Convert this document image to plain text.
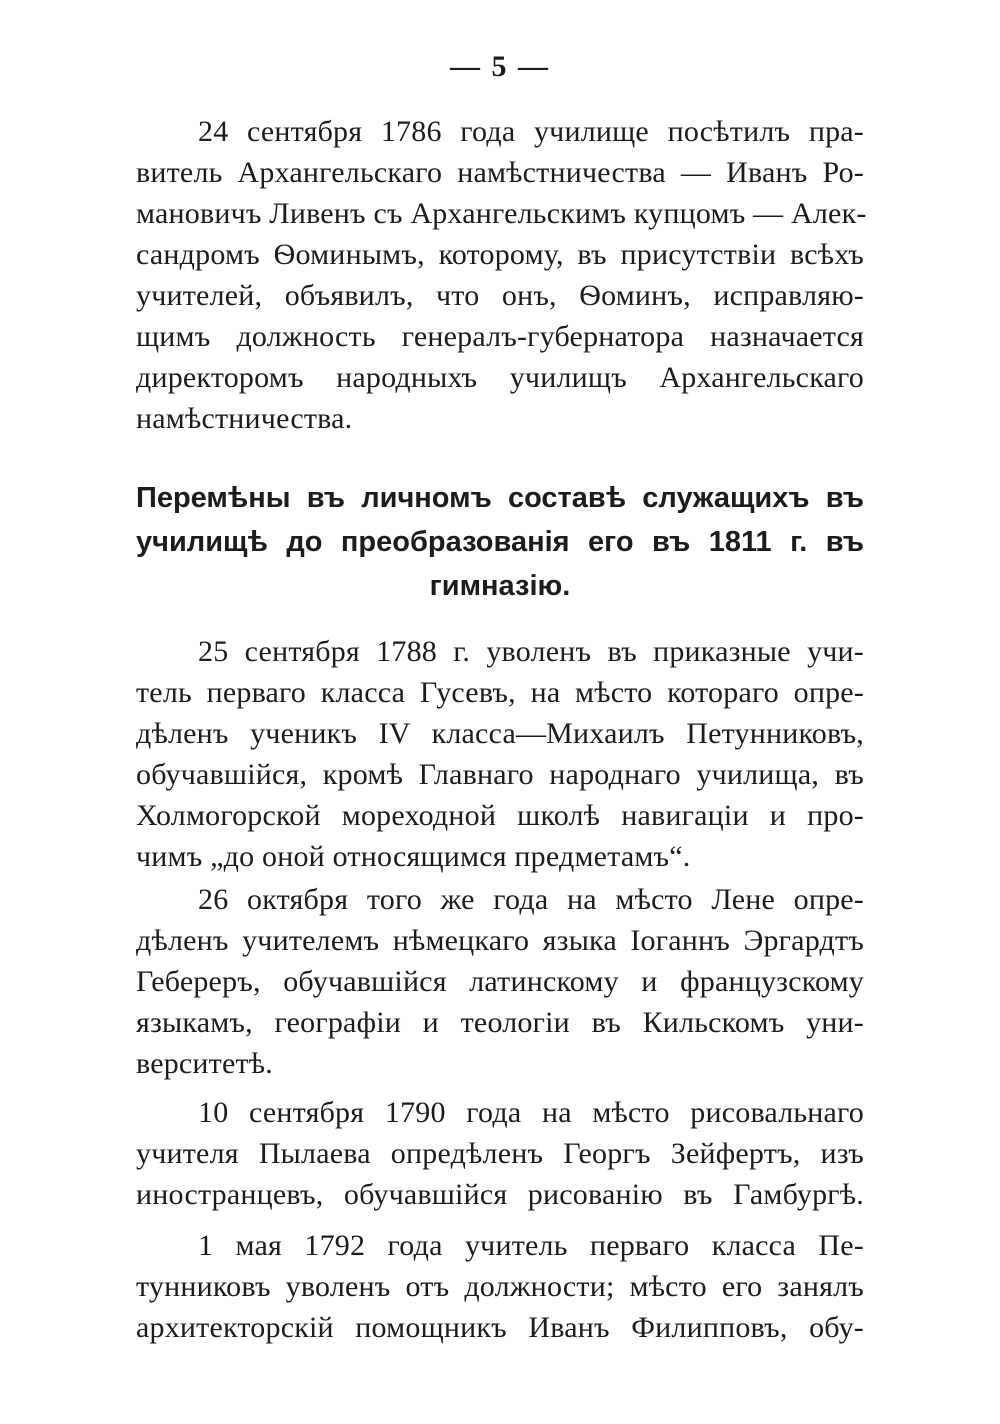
— 5 —
24 сентября 1786 года училище посѣтилъ пра-
витель Архангельскаго намѣстничества — Иванъ Ро-
мановичъ Ливенъ съ Архангельскимъ купцомъ — Алек-
сандромъ Ѳоминымъ, которому, въ присутствіи всѣхъ
учителей, объявилъ, что онъ, Ѳоминъ, исправляю-
щимъ должность генералъ-губернатора назначается
директоромъ народныхъ училищъ Архангельскаго
намѣстничества.
Перемѣны въ личномъ составѣ служащихъ въ
училищѣ до преобразованія его въ 1811 г. въ
гимназію.
25 сентября 1788 г. уволенъ въ приказные учи-
тель перваго класса Гусевъ, на мѣсто котораго опре-
дѣленъ ученикъ IV класса—Михаилъ Петунниковъ,
обучавшійся, кромѣ Главнаго народнаго училища, въ
Холмогорской мореходной школѣ навигаціи и про-
чимъ „до оной относящимся предметамъ“.
26 октября того же года на мѣсто Лене опре-
дѣленъ учителемъ нѣмецкаго языка Іоганнъ Эргардтъ
Геберeръ, обучавшійся латинскому и французскому
языкамъ, географіи и теологіи въ Кильскомъ уни-
верситетѣ.
10 сентября 1790 года на мѣсто рисовальнаго
учителя Пылаева опредѣленъ Георгъ Зейфертъ, изъ
иностранцевъ, обучавшійся рисованію въ Гамбургѣ.
1 мая 1792 года учитель перваго класса Пе-
тунниковъ уволенъ отъ должности; мѣсто его занялъ
архитекторскій помощникъ Иванъ Филипповъ, обу-
